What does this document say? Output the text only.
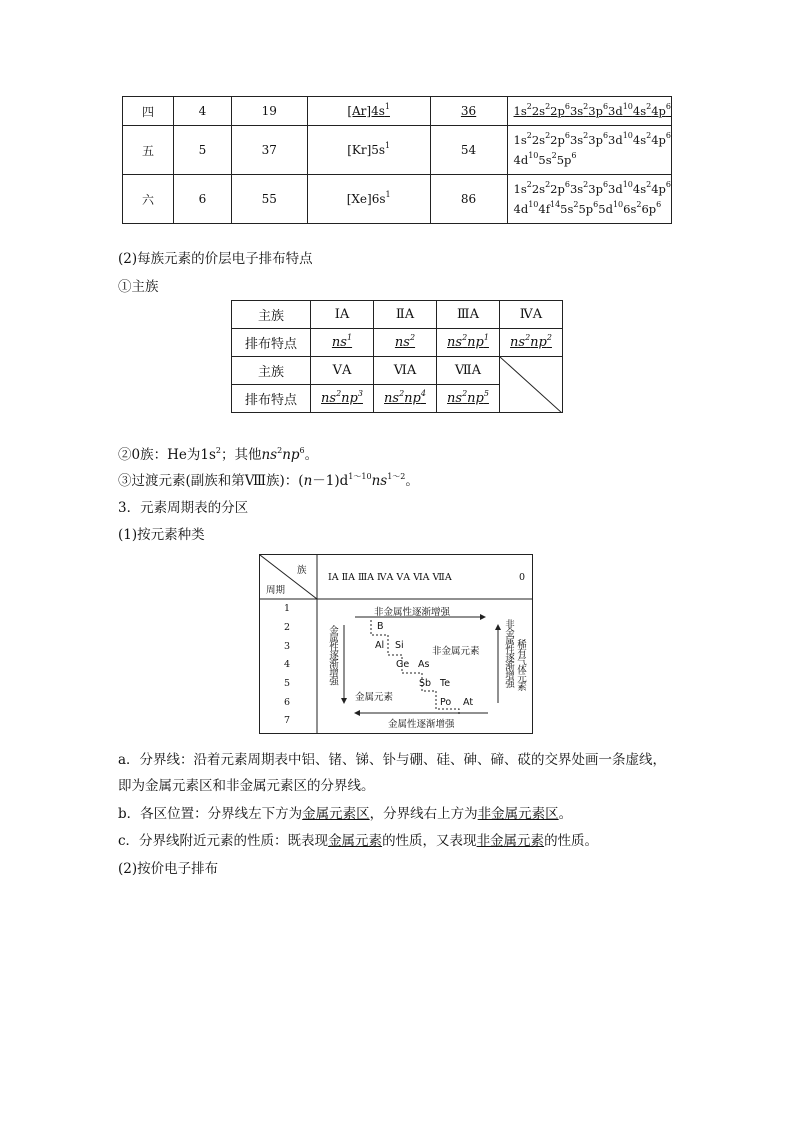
四	4	19	$[Ar]4s^1$	36	$1s^22s^22p^63s^23p^63d^{10}4s^24p^6$
五	5	37	$[Kr]5s^1$	54	$1s^22s^22p^63s^23p^63d^{10}4s^24p^6$
$4d^{10}5s^25p^6$
六	6	55	$[Xe]6s^1$	86	$1s^22s^22p^63s^23p^63d^{10}4s^24p^6$
$4d^{10}4f^{14}5s^25p^65d^{10}6s^26p^6$
(2)每族元素的价层电子排布特点
①主族
主族	ⅠA	ⅡA	ⅢA	ⅣA
排布特点	$ns^1$	$ns^2$	$ns^2np^1$	$ns^2np^2$
主族	ⅤA	ⅥA	ⅦA	

排布特点	$ns^2np^3$	$ns^2np^4$	$ns^2np^5$
②0族：He为$1s^2$；其他$ns^2np^6$。
③过渡元素(副族和第Ⅷ族)：$(n-1)d^{1\sim 10}ns^{1\sim 2}$。
3．元素周期表的分区
(1)按元素种类
族
周期
ⅠA ⅡA ⅢA ⅣA ⅤA ⅥA ⅦA	0
1
2
3
4
5
6
7
非金属性逐渐增强
金属性逐渐增强
金属性逐渐增强	非金属性逐渐增强 稀有气体元素
非金属元素
金属元素
B
Al Si
Ge As
Sb Te
Po At
a．分界线：沿着元素周期表中铝、锗、锑、钋与硼、硅、砷、碲、砹的交界处画一条虚线，
即为金属元素区和非金属元素区的分界线。
b．各区位置：分界线左下方为金属元素区，分界线右上方为非金属元素区。
c．分界线附近元素的性质：既表现金属元素的性质，又表现非金属元素的性质。
(2)按价电子排布
